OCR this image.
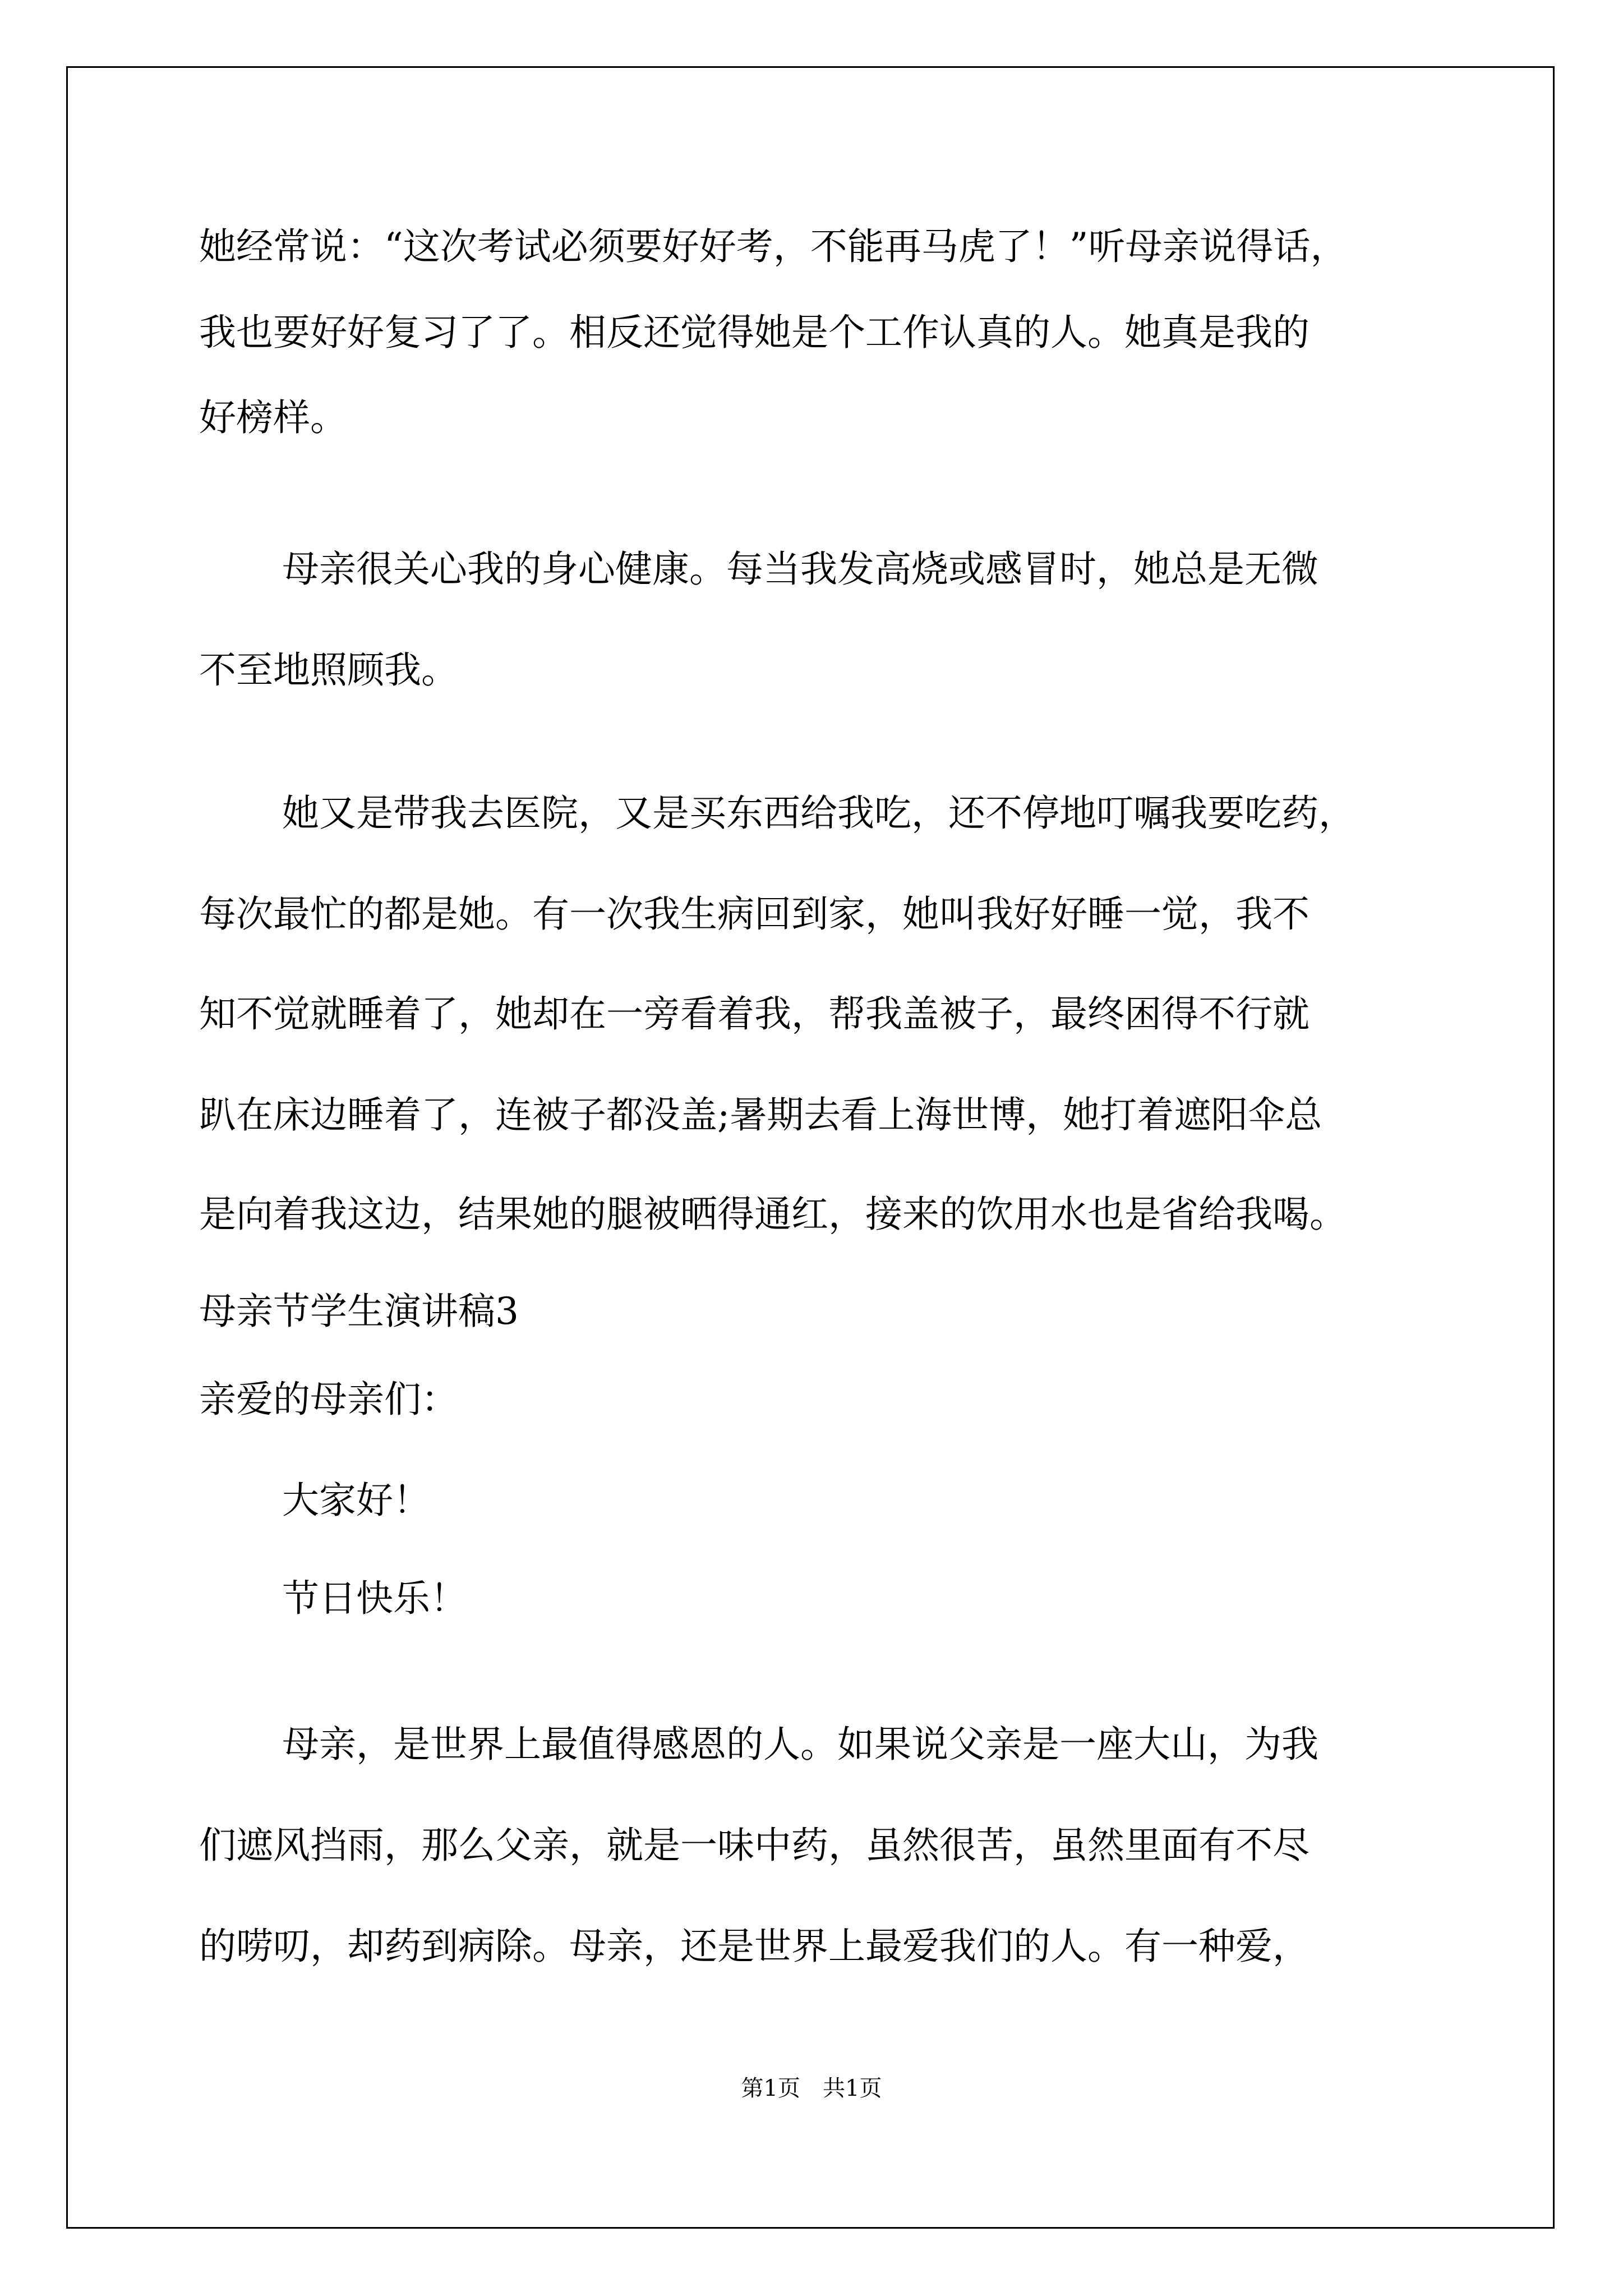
她经常说：“这次考试必须要好好考，不能再马虎了！”听母亲说得话，
我也要好好复习了了。相反还觉得她是个工作认真的人。她真是我的
好榜样。
母亲很关心我的身心健康。每当我发高烧或感冒时，她总是无微
不至地照顾我。
她又是带我去医院，又是买东西给我吃，还不停地叮嘱我要吃药，
每次最忙的都是她。有一次我生病回到家，她叫我好好睡一觉，我不
知不觉就睡着了，她却在一旁看着我，帮我盖被子，最终困得不行就
趴在床边睡着了，连被子都没盖;暑期去看上海世博，她打着遮阳伞总
是向着我这边，结果她的腿被晒得通红，接来的饮用水也是省给我喝。
母亲节学生演讲稿3
亲爱的母亲们：
大家好！
节日快乐！
母亲，是世界上最值得感恩的人。如果说父亲是一座大山，为我
们遮风挡雨，那么父亲，就是一味中药，虽然很苦，虽然里面有不尽
的唠叨，却药到病除。母亲，还是世界上最爱我们的人。有一种爱，
第1页　共1页
